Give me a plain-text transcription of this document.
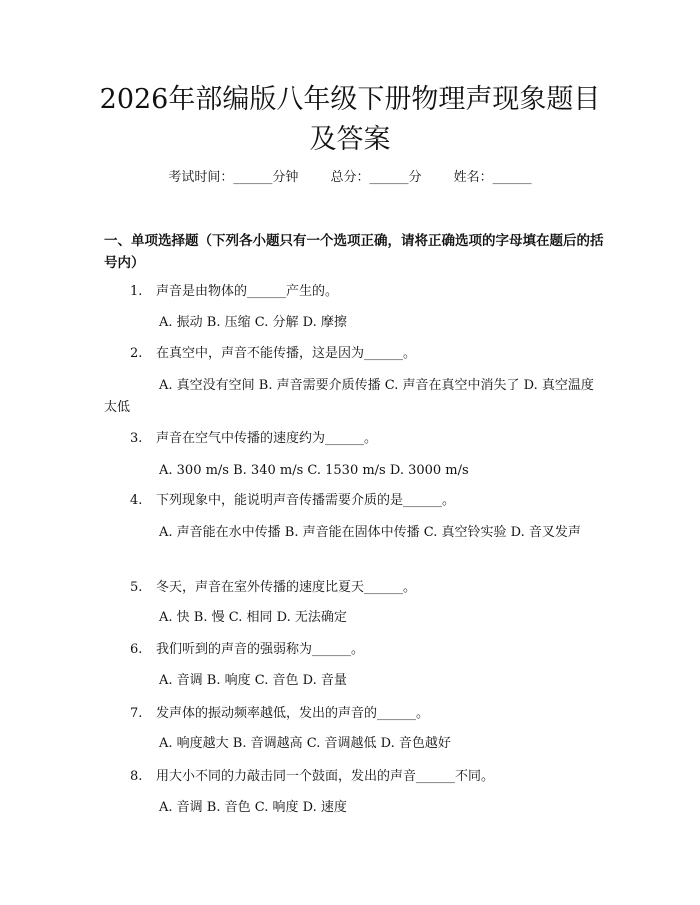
2026年部编版八年级下册物理声现象题目及答案
考试时间：______分钟 总分：______分 姓名：______

一、单项选择题（下列各小题只有一个选项正确，请将正确选项的字母填在题后的括号内）

1. 声音是由物体的______产生的。
A. 振动 B. 压缩 C. 分解 D. 摩擦
2. 在真空中，声音不能传播，这是因为______。
A. 真空没有空间 B. 声音需要介质传播 C. 声音在真空中消失了 D. 真空温度太低
3. 声音在空气中传播的速度约为______。
A. 300 m/s B. 340 m/s C. 1530 m/s D. 3000 m/s
4. 下列现象中，能说明声音传播需要介质的是______。
A. 声音能在水中传播 B. 声音能在固体中传播 C. 真空铃实验 D. 音叉发声
5. 冬天，声音在室外传播的速度比夏天______。
A. 快 B. 慢 C. 相同 D. 无法确定
6. 我们听到的声音的强弱称为______。
A. 音调 B. 响度 C. 音色 D. 音量
7. 发声体的振动频率越低，发出的声音的______。
A. 响度越大 B. 音调越高 C. 音调越低 D. 音色越好
8. 用大小不同的力敲击同一个鼓面，发出的声音______不同。
A. 音调 B. 音色 C. 响度 D. 速度
